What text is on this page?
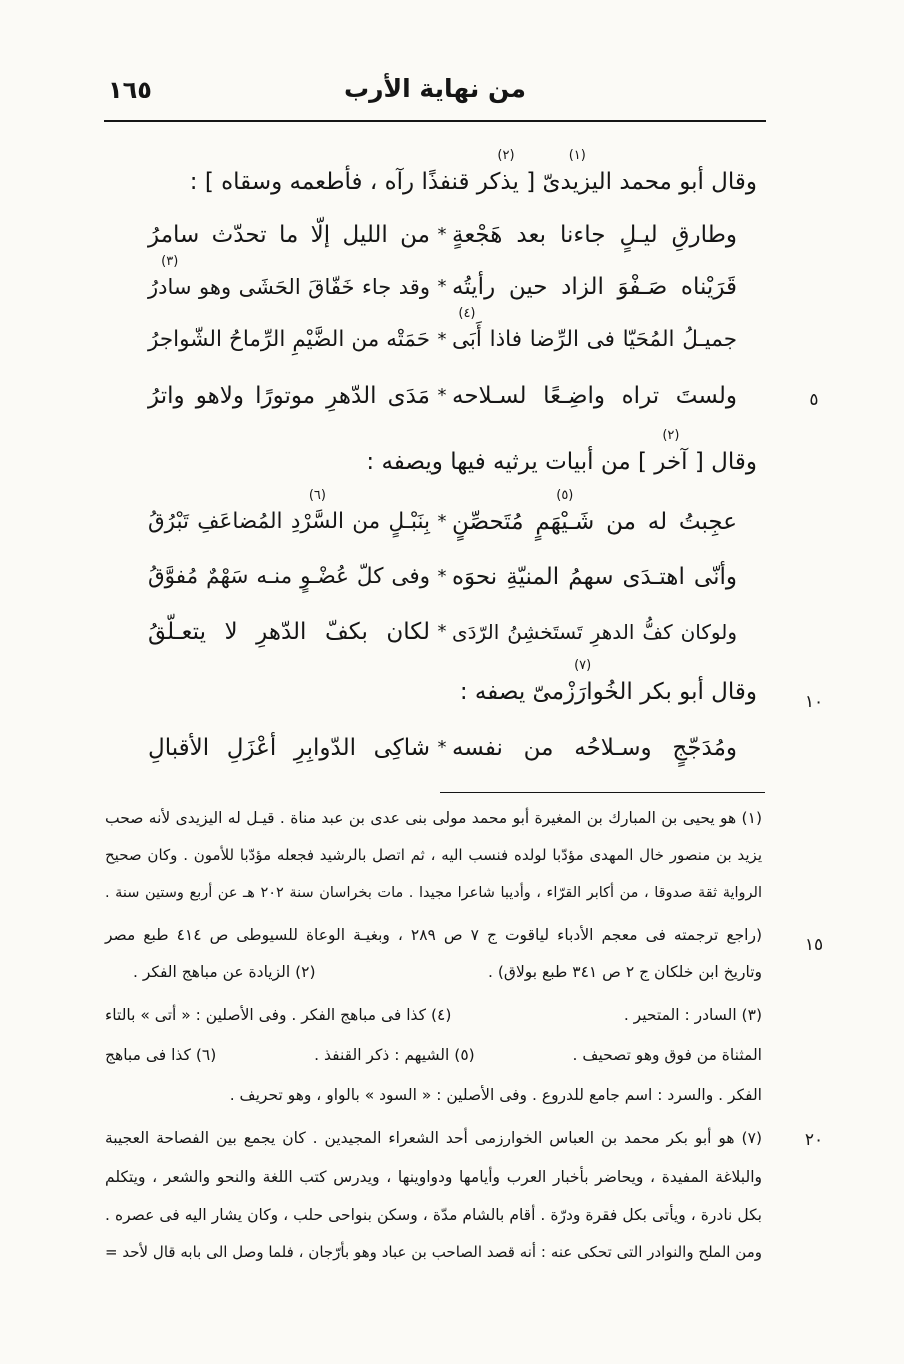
١٦٥	من نهاية الأرب
٥
١٠
١٥
٢٠
وقال أبو محمد اليزيدىّ
(١)
[ يذكر
(٢)
قنفذًا رآه ، فأطعمه وسقاه ] :
وطارقِ ليـلٍ جاءنا بعد هَجْعةٍ
*
من الليل إلّا ما تحدّث سامرُ
قَرَيْناه صَـفْوَ الزاد حين رأيتُه
*
وقد جاء خَفّاقَ الحَشَى وهو سادرُ
(٣)
جميـلُ المُحَيّا فى الرِّضا فاذا أَبَى
(٤)
*
حَمَتْه من الضَّيْمِ الرِّماحُ الشّواجرُ
ولستَ تراه واضِـعًا لسـلاحه
*
مَدَى الدّهرِ موتورًا ولاهو واترُ
وقال [ آخر ]
(٢)
من أبيات يرثيه فيها ويصفه :
عجِبتُ له من شَـيْهَمٍ
(٥)
مُتَحصِّنٍ
*
بِنَبْـلٍ من السَّرْدِ
(٦)
المُضاعَفِ تَبْرُقُ
وأنّى اهتـدَى سهمُ المنيّةِ نحوَه
*
وفى كلّ عُضْـوٍ منـه سَهْمٌ مُفوَّقُ
ولوكان كفُّ الدهرِ تَستَخشِنُ الرّدَى
*
لكان بكفّ الدّهرِ لا يتعـلّقُ
وقال أبو بكر الخُوارَزْمىّ
(٧)
يصفه :
ومُدَجّجٍ وسـلاحُه من نفسه
*
شاكِى الدّوابِرِ أعْزَلِ الأقبالِ
(١) هو يحيى بن المبارك بن المغيرة أبو محمد مولى بنى عدى بن عبد مناة . قيـل له اليزيدى لأنه صحب
يزيد بن منصور خال المهدى مؤدّبا لولده فنسب اليه ، ثم اتصل بالرشيد فجعله مؤدّبا للأمون . وكان صحيح
الرواية ثقة صدوقا ، من أكابر القرّاء ، وأديبا شاعرا مجيدا . مات بخراسان سنة ٢٠٢ هـ عن أربع وستين سنة .
(راجع ترجمته فى معجم الأدباء لياقوت ج ٧ ص ٢٨٩ ، وبغيـة الوعاة للسيوطى ص ٤١٤ طبع مصر
وتاريخ ابن خلكان ج ٢ ص ٣٤١ طبع بولاق) .
(٢) الزيادة عن مباهج الفكر .
(٣) السادر : المتحير .
(٤) كذا فى مباهج الفكر . وفى الأصلين : « أتى » بالتاء
المثناة من فوق وهو تصحيف .
(٥) الشيهم : ذكر القنفذ .
(٦) كذا فى مباهج
الفكر . والسرد : اسم جامع للدروع . وفى الأصلين : « السود » بالواو ، وهو تحريف .
(٧) هو أبو بكر محمد بن العباس الخوارزمى أحد الشعراء المجيدين . كان يجمع بين الفصاحة العجيبة
والبلاغة المفيدة ، ويحاضر بأخبار العرب وأيامها ودواوينها ، ويدرس كتب اللغة والنحو والشعر ، ويتكلم
بكل نادرة ، ويأتى بكل فقرة ودرّة . أقام بالشام مدّة ، وسكن بنواحى حلب ، وكان يشار اليه فى عصره .
ومن الملح والنوادر التى تحكى عنه : أنه قصد الصاحب بن عباد وهو بأرّجان ، فلما وصل الى بابه قال لأحد =
